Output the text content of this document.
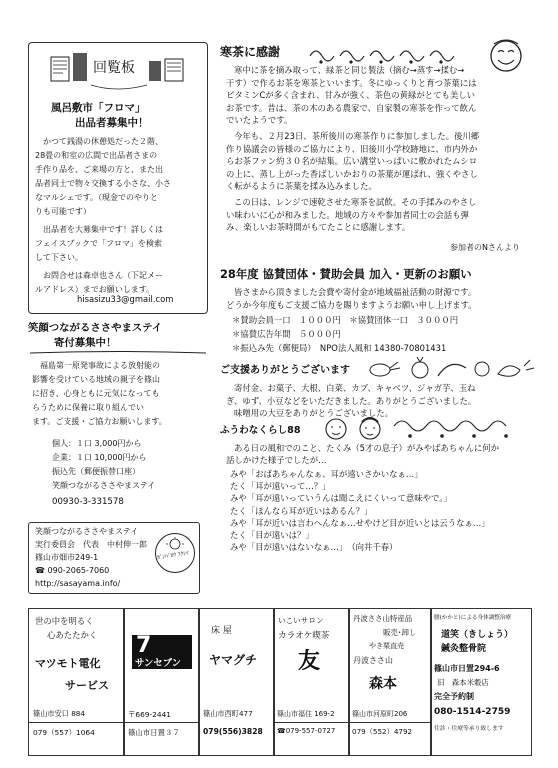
回覧板
風呂敷市「フロマ」
出品者募集中！
かつて銭湯の休憩処だった２階、
28畳の和室の広間で出品者さまの
手作り品を、ご来場の方と、また出
品者同士で物々交換する小さな、小さ
なマルシェです。（現金でのやりと
りも可能です）
出品者を大募集中です！詳しくは
フェイスブックで「フロマ」を検索
して下さい。
お問合せは森卓也さん（下記メー
ルアドレス）までお願いします。
hisasizu33@gmail.com
笑顔つながるささやまステイ
寄付募集中！
福島第一原発事故による放射能の
影響を受けている地域の親子を篠山
に招き、心身ともに元気になっても
らうために保養に取り組んでい
ます。ご支援・ご協力お願いします。
個人：１口 3,000円から
企業：１口 10,000円から
振込先（郵便振替口座）
笑顔つながるささやまステイ
00930-3-331578
笑顔つながるささやまステイ
実行委員会　代表　中村伸一郎
篠山市畑市249-1
☎ 090-2065-7060
http://sasayama.info/
ｶﾞﾝﾊﾞﾛｳ ﾌｸｼﾏ
寒茶に感謝
寒中に茶を摘み取って、緑茶と同じ製法（摘む→蒸す→揉む→
干す）で作るお茶を寒茶といいます。冬にゆっくりと育つ茶葉には
ビタミンCが多く含まれ、甘みが強く、茶色の黄緑がとても美しい
お茶です。昔は、茶の木のある農家で、自家製の寒茶を作って飲ん
でいたようです。
今年も、２月23日、茶所後川の寒茶作りに参加しました。後川郷
作り協議会の皆様のご協力により、旧後川小学校跡地に、市内外か
らお茶ファン約３０名が結集。広い講堂いっぱいに敷かれたムシロ
の上に、蒸し上がった香ばしいかおりの茶葉が運ばれ、強くやさし
く転がるように茶葉を揉み込みました。
この日は、レンジで速乾させた寒茶を試飲。その手揉みのやさし
い味わいに心が和みました。地域の方々や参加者同士の会話も弾
み、楽しいお茶時間がもてたことに感謝します。
参加者のNさんより
28年度 協賛団体・賛助会員 加入・更新のお願い
皆さまから頂きました会費や寄付金が地域福祉活動の財源です。
どうか今年度もご支援ご協力を賜りますようお願い申し上げます。
＊賛助会員一口　１０００円　＊協賛団体一口　３０００円
＊協賛広告年間　５０００円
＊振込み先（郵便局）　NPO法人風和 14380-70801431
ご支援ありがとうございます
寄付金、お菓子、大根、白菜、カブ、キャベツ、ジャガ芋、玉ね
ぎ、ゆず、小豆などをいただきました。ありがとうございました。
味噌用の大豆をありがとうございました。
ふうわなくらし88
ある日の風和でのこと、たくみ（5才の息子）がみやばあちゃんに何か
話しかけた様子でしたが…
みや「おばあちゃんなぁ、耳が遠いさかいなぁ…」
たく「耳が遠いって…？」
みや「耳が遠いっていうんは聞こえにくいって意味やで。」
たく「ほんなら耳が近いはあるん？」
みや「耳が近いは言わへんなぁ…せやけど目が近いとは云うなぁ…」
たく「目が遠いは？」
みや「目が遠いはないなぁ…」　（向井千春）
世の中を明るく
心あたたかく
マツモト電化
サービス
篠山市安口 884
079（557）1064
7
サンセブン
〒669-2441
篠山市日置３７
床 屋
ヤマグチ
篠山市西町477
079(556)3828
いこいサロン
カラオケ喫茶
友
篠山市福住 169-2
☎079-557-0727
丹波ささ山特産品
販売･卸し
やき栗直売
丹波ささ山
森本
篠山市河原町206
079（552）4792
腰(かかと)による身体調整治療
道笑（きしょう）
鍼灸整骨院
篠山市日置294-6
旧　森本米穀店
完全予約制
080-1514-2759
往診・往療等承り致します
